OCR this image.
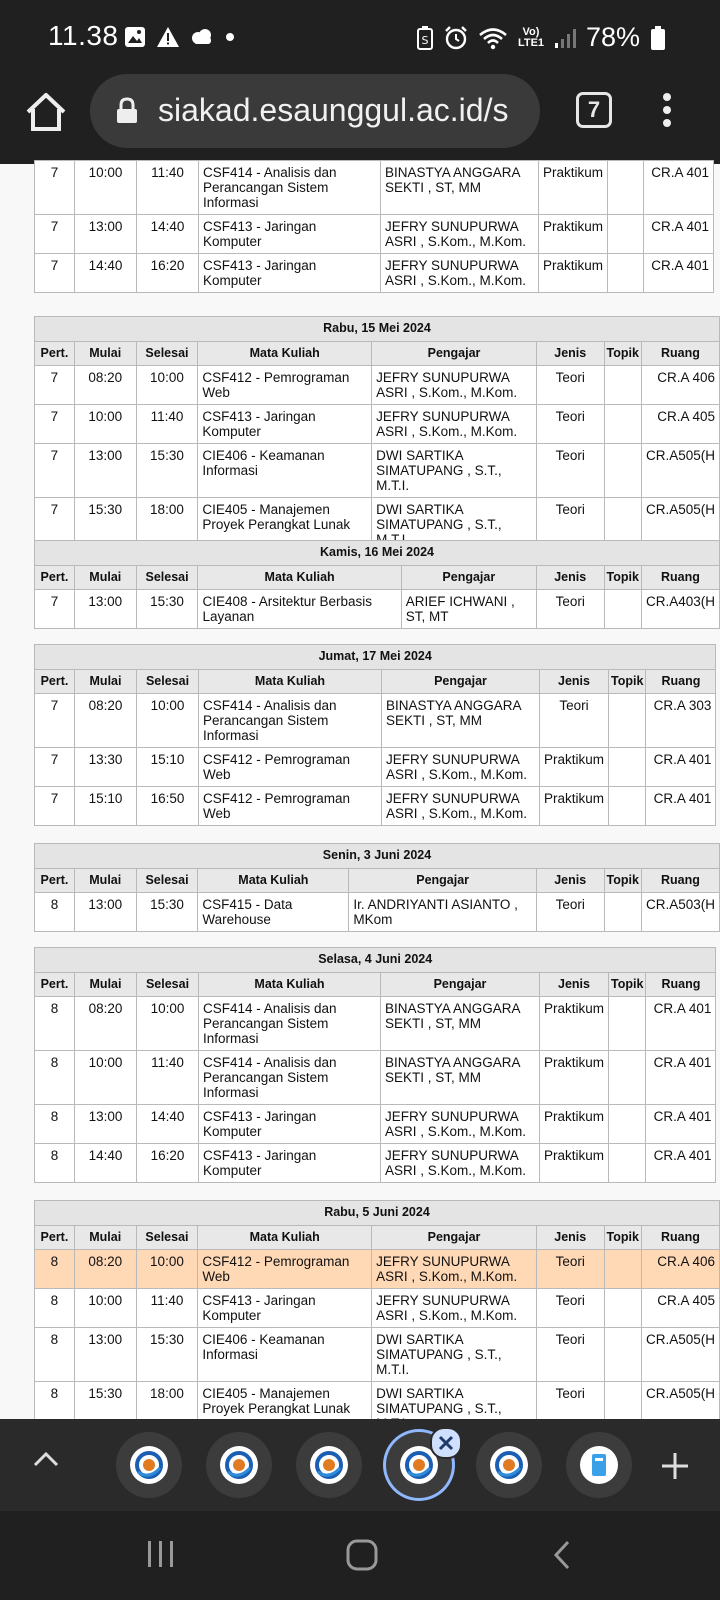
11.38	S
Vo) LTE1 78%
siakad.esaunggul.ac.id/s	7
7	10:00	11:40	CSF414 - Analisis dan Perancangan Sistem Informasi	BINASTYA ANGGARA SEKTI , ST, MM	Praktikum		CR.A 401
7	13:00	14:40	CSF413 - Jaringan Komputer	JEFRY SUNUPURWA ASRI , S.Kom., M.Kom.	Praktikum		CR.A 401
7	14:40	16:20	CSF413 - Jaringan Komputer	JEFRY SUNUPURWA ASRI , S.Kom., M.Kom.	Praktikum		CR.A 401
Rabu, 15 Mei 2024							
Pert.	Mulai	Selesai	Mata Kuliah	Pengajar	Jenis	Topik	Ruang
7	08:20	10:00	CSF412 - Pemrograman Web	JEFRY SUNUPURWA ASRI , S.Kom., M.Kom.	Teori		CR.A 406
7	10:00	11:40	CSF413 - Jaringan Komputer	JEFRY SUNUPURWA ASRI , S.Kom., M.Kom.	Teori		CR.A 405
7	13:00	15:30	CIE406 - Keamanan Informasi	DWI SARTIKA SIMATUPANG , S.T., M.T.I.	Teori		CR.A505(H
7	15:30	18:00	CIE405 - Manajemen Proyek Perangkat Lunak	DWI SARTIKA SIMATUPANG , S.T.,	Teori		CR.A505(H
Kamis, 16 Mei 2024							
Pert.	Mulai	Selesai	Mata Kuliah	Pengajar	Jenis	Topik	Ruang
7	13:00	15:30	CIE408 - Arsitektur Berbasis Layanan	ARIEF ICHWANI , ST, MT	Teori		CR.A403(H
Jumat, 17 Mei 2024							
Pert.	Mulai	Selesai	Mata Kuliah	Pengajar	Jenis	Topik	Ruang
7	08:20	10:00	CSF414 - Analisis dan Perancangan Sistem Informasi	BINASTYA ANGGARA SEKTI , ST, MM	Teori		CR.A 303
7	13:30	15:10	CSF412 - Pemrograman Web	JEFRY SUNUPURWA ASRI , S.Kom., M.Kom.	Praktikum		CR.A 401
7	15:10	16:50	CSF412 - Pemrograman Web	JEFRY SUNUPURWA ASRI , S.Kom., M.Kom.	Praktikum		CR.A 401
Senin, 3 Juni 2024							
Pert.	Mulai	Selesai	Mata Kuliah	Pengajar	Jenis	Topik	Ruang
8	13:00	15:30	CSF415 - Data Warehouse	Ir. ANDRIYANTI ASIANTO , MKom	Teori		CR.A503(H
Selasa, 4 Juni 2024							
Pert.	Mulai	Selesai	Mata Kuliah	Pengajar	Jenis	Topik	Ruang
8	08:20	10:00	CSF414 - Analisis dan Perancangan Sistem Informasi	BINASTYA ANGGARA SEKTI , ST, MM	Praktikum		CR.A 401
8	10:00	11:40	CSF414 - Analisis dan Perancangan Sistem Informasi	BINASTYA ANGGARA SEKTI , ST, MM	Praktikum		CR.A 401
8	13:00	14:40	CSF413 - Jaringan Komputer	JEFRY SUNUPURWA ASRI , S.Kom., M.Kom.	Praktikum		CR.A 401
8	14:40	16:20	CSF413 - Jaringan Komputer	JEFRY SUNUPURWA ASRI , S.Kom., M.Kom.	Praktikum		CR.A 401
Rabu, 5 Juni 2024							
Pert.	Mulai	Selesai	Mata Kuliah	Pengajar	Jenis	Topik	Ruang
8	08:20	10:00	CSF412 - Pemrograman Web	JEFRY SUNUPURWA ASRI , S.Kom., M.Kom.	Teori		CR.A 406
8	10:00	11:40	CSF413 - Jaringan Komputer	JEFRY SUNUPURWA ASRI , S.Kom., M.Kom.	Teori		CR.A 405
8	13:00	15:30	CIE406 - Keamanan Informasi	DWI SARTIKA SIMATUPANG , S.T., M.T.I.	Teori		CR.A505(H
8	15:30	18:00	CIE405 - Manajemen Proyek Perangkat Lunak	DWI SARTIKA SIMATUPANG , S.T.,	Teori		CR.A505(H
